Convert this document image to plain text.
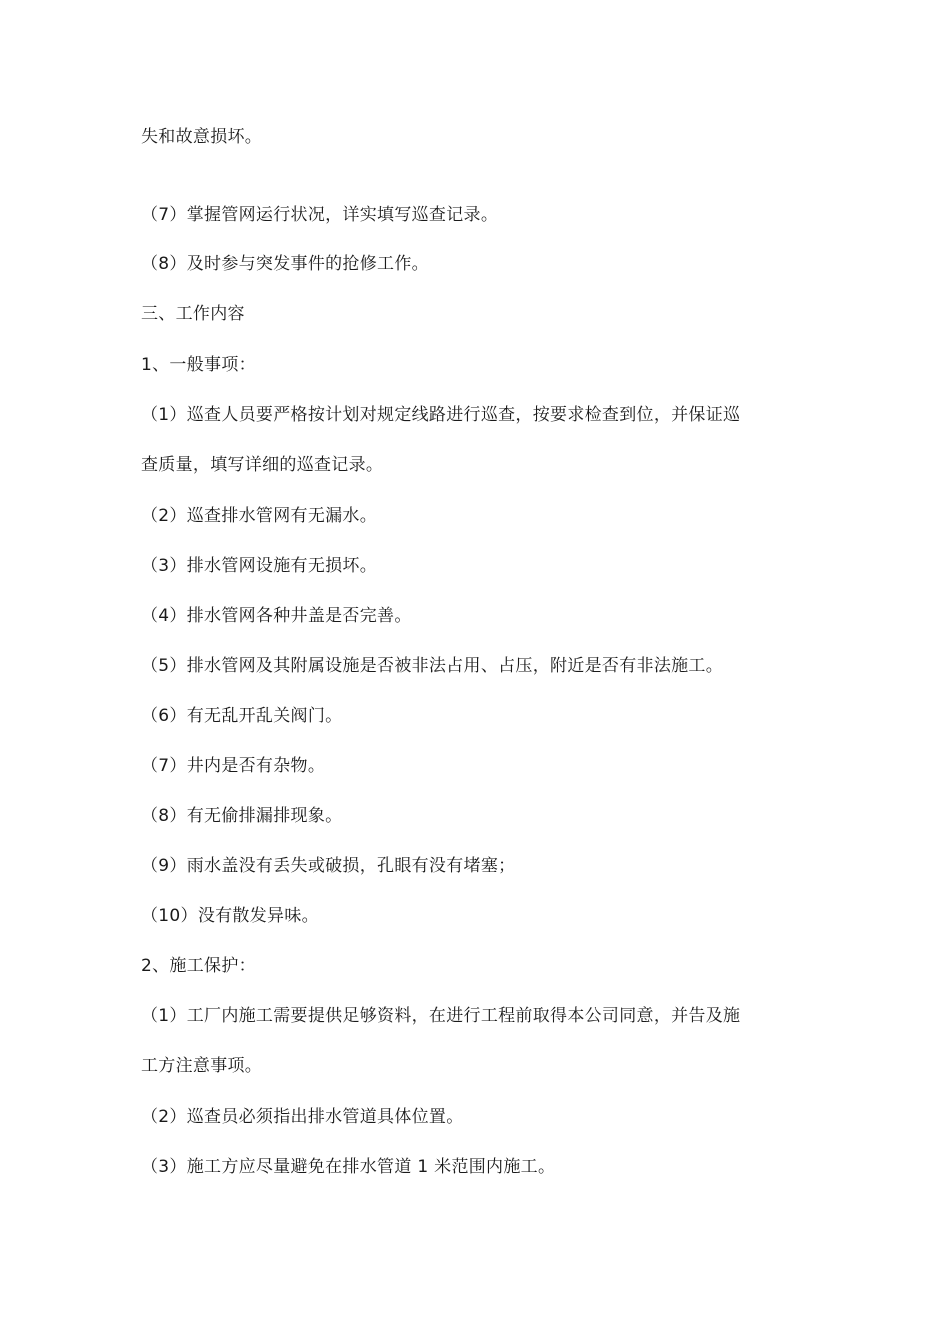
失和故意损坏。
（7）掌握管网运行状况，详实填写巡查记录。
（8）及时参与突发事件的抢修工作。
三、工作内容
1、一般事项：
（1）巡查人员要严格按计划对规定线路进行巡查，按要求检查到位，并保证巡
查质量，填写详细的巡查记录。
（2）巡查排水管网有无漏水。
（3）排水管网设施有无损坏。
（4）排水管网各种井盖是否完善。
（5）排水管网及其附属设施是否被非法占用、占压，附近是否有非法施工。
（6）有无乱开乱关阀门。
（7）井内是否有杂物。
（8）有无偷排漏排现象。
（9）雨水盖没有丢失或破损，孔眼有没有堵塞；
（10）没有散发异味。
2、施工保护：
（1）工厂内施工需要提供足够资料，在进行工程前取得本公司同意，并告及施
工方注意事项。
（2）巡查员必须指出排水管道具体位置。
（3）施工方应尽量避免在排水管道 1 米范围内施工。
